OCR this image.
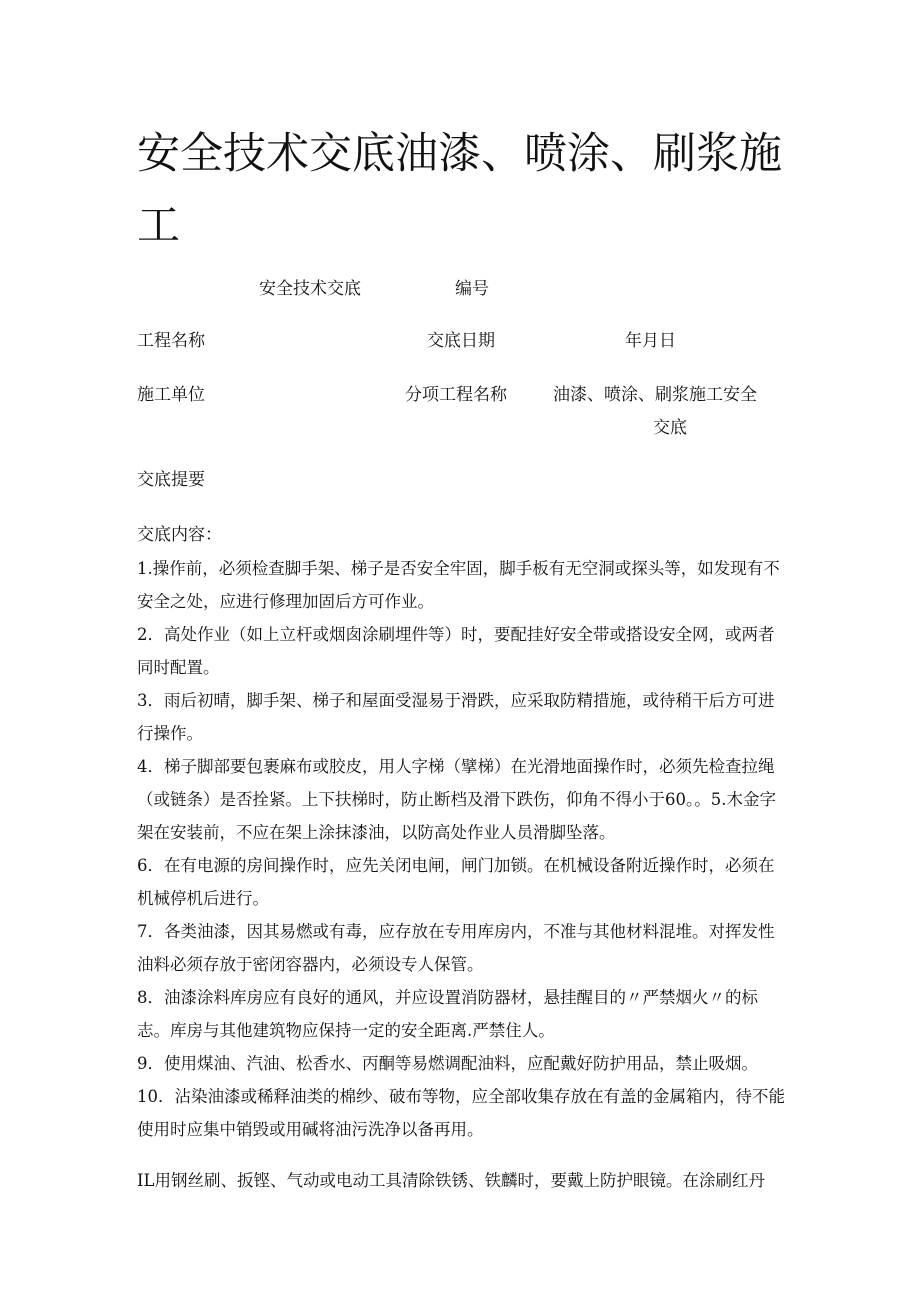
安全技术交底油漆、喷涂、刷浆施工
安全技术交底	编号
工程名称	交底日期	年月日
施工单位	分项工程名称	油漆、喷涂、刷浆施工安全
交底
交底提要
交底内容：

1.操作前，必须检查脚手架、梯子是否安全牢固，脚手板有无空洞或探头等，如发现有不安全之处，应进行修理加固后方可作业。

2．高处作业（如上立杆或烟囱涂刷埋件等）时，要配挂好安全带或搭设安全网，或两者同时配置。

3．雨后初晴，脚手架、梯子和屋面受湿易于滑跌，应采取防精措施，或待稍干后方可进行操作。

4．梯子脚部要包裹麻布或胶皮，用人字梯（擘梯）在光滑地面操作时，必须先检查拉绳（或链条）是否拴紧。上下扶梯时，防止断档及滑下跌伤，仰角不得小于60。。5.木金字架在安装前，不应在架上涂抹漆油，以防高处作业人员滑脚坠落。

6．在有电源的房间操作时，应先关闭电闸，闸门加锁。在机械设备附近操作时，必须在机械停机后进行。

7．各类油漆，因其易燃或有毒，应存放在专用库房内，不准与其他材料混堆。对挥发性油料必须存放于密闭容器内，必须设专人保管。

8．油漆涂料库房应有良好的通风，并应设置消防器材，悬挂醒目的〃严禁烟火〃的标志。库房与其他建筑物应保持一定的安全距离.严禁住人。

9．使用煤油、汽油、松香水、丙酮等易燃调配油料，应配戴好防护用品，禁止吸烟。

10．沾染油漆或稀释油类的棉纱、破布等物，应全部收集存放在有盖的金属箱内，待不能使用时应集中销毁或用碱将油污洗净以备再用。

IL用钢丝刷、扳铿、气动或电动工具清除铁锈、铁麟时，要戴上防护眼镜。在涂刷红丹
